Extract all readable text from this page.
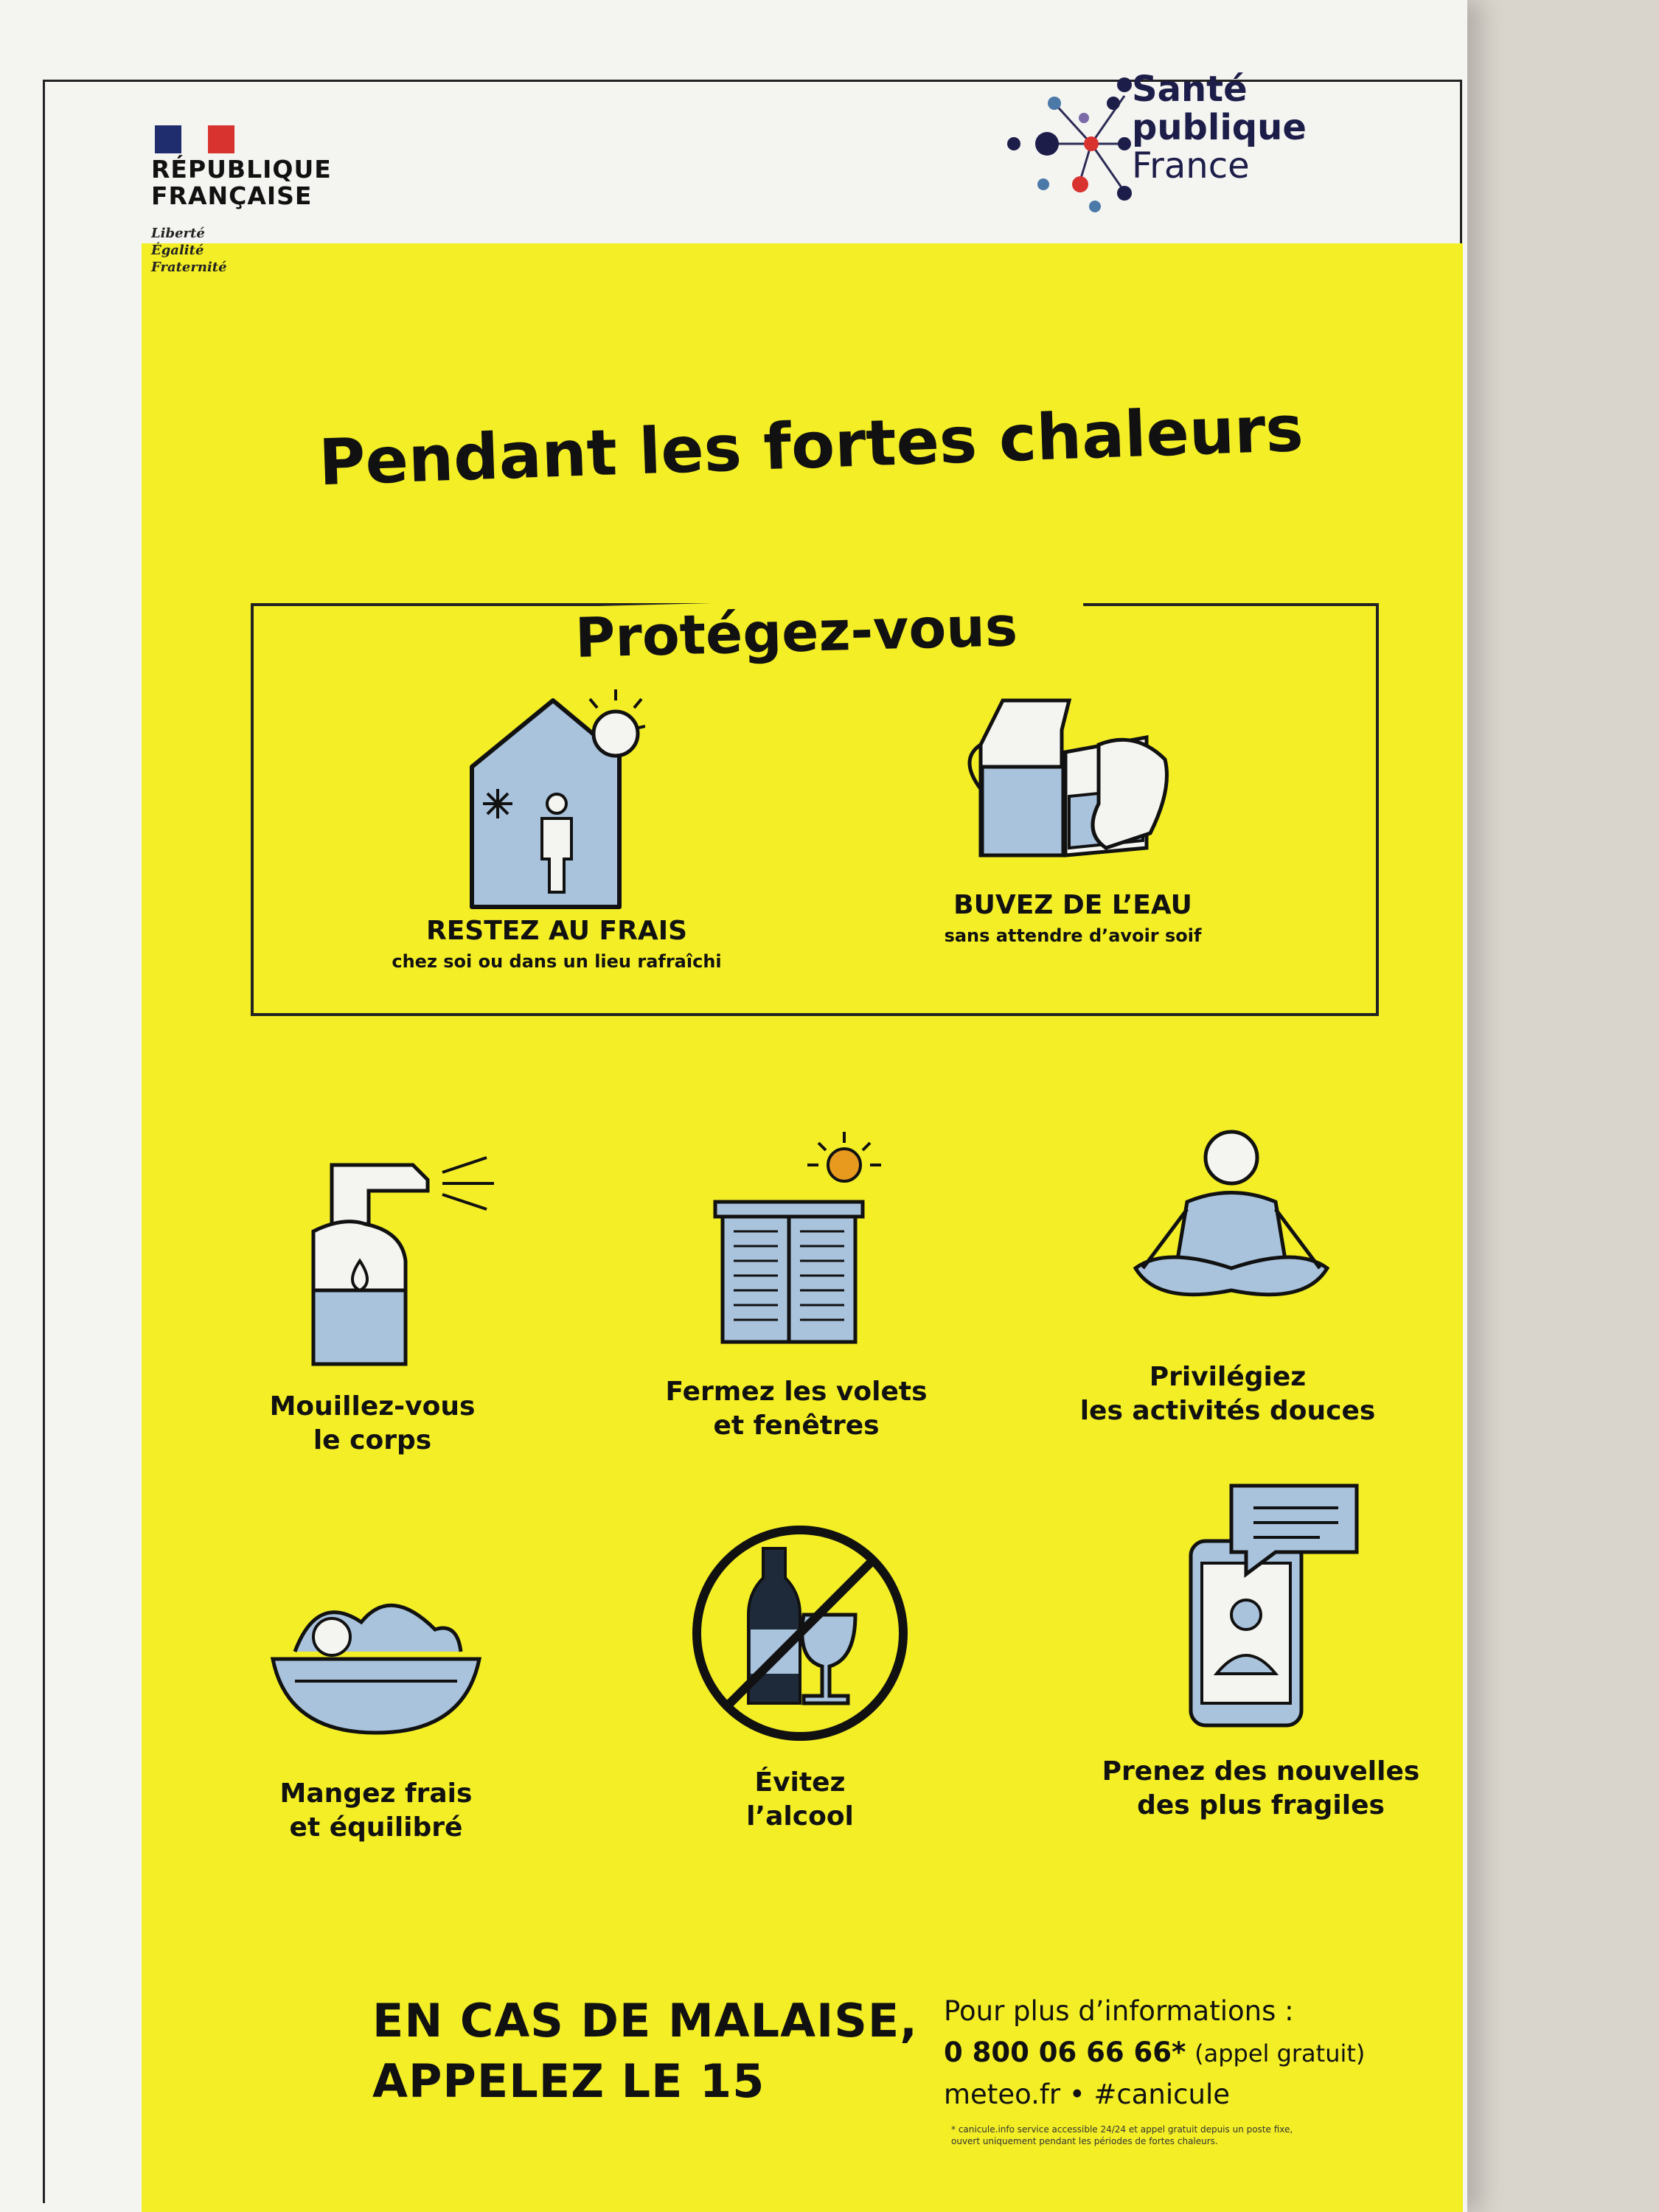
RÉPUBLIQUE FRANÇAISE
Liberté
Égalité
Fraternité
Santé
publique
France
Pendant les fortes chaleurs
Protégez-vous
RESTEZ AU FRAIS
chez soi ou dans un lieu rafraîchi
BUVEZ DE L’EAU
sans attendre d’avoir soif
Mouillez-vous
le corps
Fermez les volets
et fenêtres
Privilégiez
les activités douces
Mangez frais
et équilibré
Évitez
l’alcool
Prenez des nouvelles
des plus fragiles
EN CAS DE MALAISE,
APPELEZ LE 15
Pour plus d’informations :
0 800 06 66 66* (appel gratuit)
meteo.fr • #canicule
* canicule.info service accessible 24/24 et appel gratuit depuis un poste fixe, ouvert uniquement pendant les périodes de fortes chaleurs.
